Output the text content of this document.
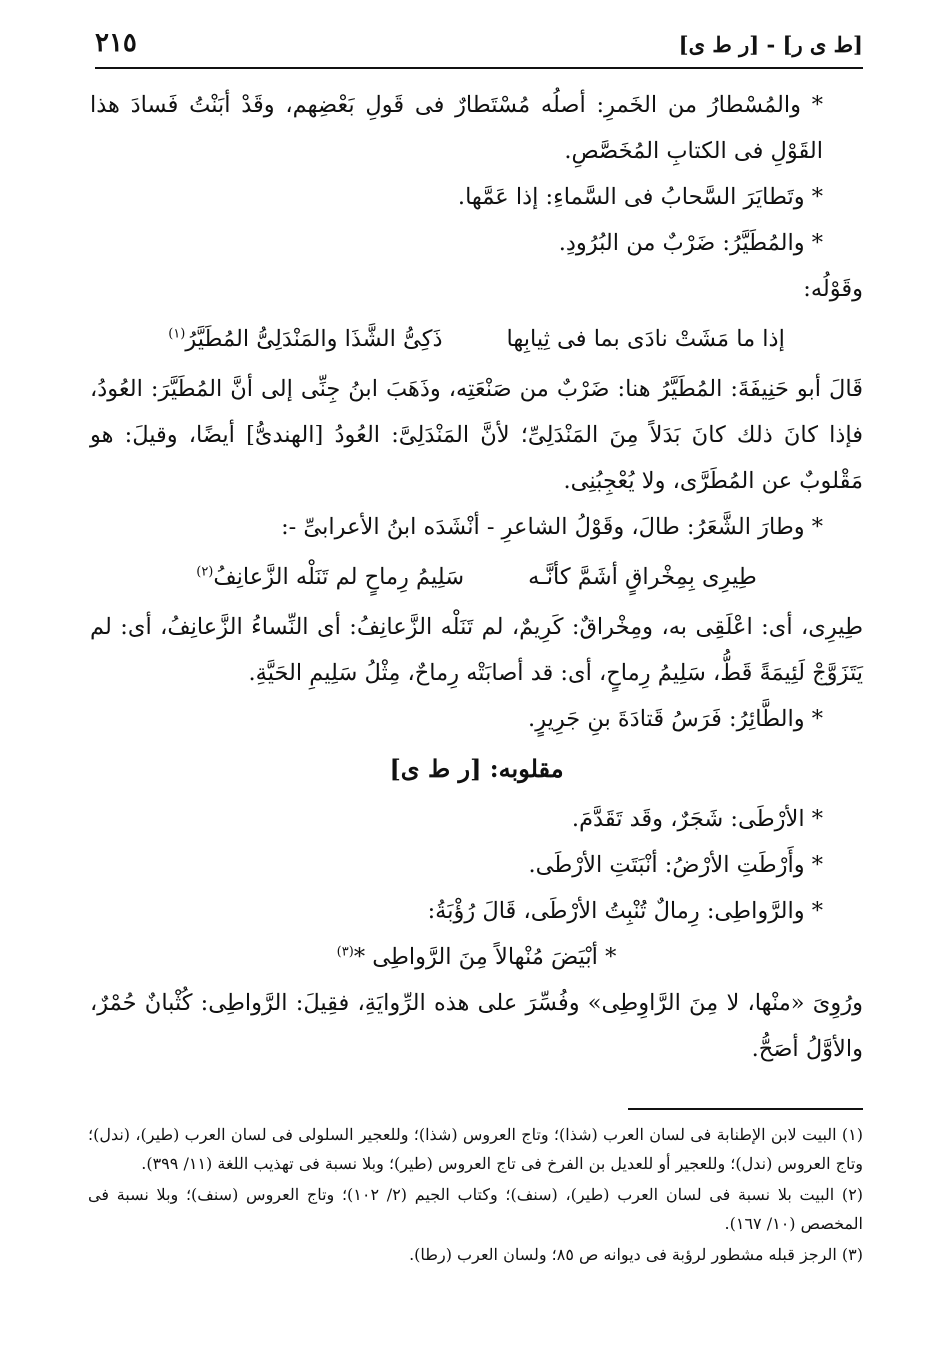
[ط ى ر] - [ر ط ى]
٢١٥

* والمُسْطارُ من الخَمرِ: أصلُه مُسْتَطارٌ فى قَولِ بَعْضِهم، وقَدْ أبَنْتُ فَسادَ هذا القَوْلِ فى الكتابِ المُخَصَّصِ.

* وتَطايَرَ السَّحابُ فى السَّماءِ: إذا عَمَّها.

* والمُطَيَّرُ: ضَرْبٌ من البُرُودِ.

وقَوْلُه:

إذا ما مَشَتْ نادَى بما فى ثِيابِها
ذَكِىُّ الشَّذَا والمَنْدَلِىُّ المُطَيَّرُ$^{(١)}$

قَالَ أبو حَنِيفَةَ: المُطَيَّرُ هنا: ضَرْبٌ من صَنْعَتِه، وذَهَبَ ابنُ جِنِّى إلى أنَّ المُطَيَّرَ: العُودُ، فإذا كانَ ذلك كانَ بَدَلاً مِنَ المَنْدَلِىِّ؛ لأنَّ المَنْدَلِىَّ: العُودُ [الهندىُّ] أيضًا، وقيلَ: هو مَقْلوبٌ عن المُطَرَّى، ولا يُعْجِبُنِى.

* وطارَ الشَّعَرُ: طالَ، وقَوْلُ الشاعرِ - أنْشَدَه ابنُ الأعرابىِّ -:

طِيرِى بِمِخْراقٍ أشَمَّ كأنَّـه
سَلِيمُ رِماحٍ لم تَنَلْه الزَّعانِفُ$^{(٢)}$

طِيرِى، أى: اعْلَقِى به، ومِخْراقٌ: كَرِيمٌ، لم تَنَلْه الزَّعانِفُ: أى النِّساءُ الزَّعانِفُ، أى: لم يَتَزَوَّجْ لَئِيمَةً قَطُّ، سَلِيمُ رِماحٍ، أى: قد أصابَتْه رِماحٌ، مِثْلُ سَلِيمِ الحَيَّةِ.

* والطَّائِرُ: فَرَسُ قَتادَةَ بنِ جَرِيرٍ.

مقلوبه: [ر ط ى]

* الأرْطَى: شَجَرٌ، وقَد تَقَدَّمَ.

* وأَرْطَتِ الأرْضُ: أنْبَتَتِ الأرْطَى.

* والرَّواطِى: رِمالٌ تُنْبِتُ الأرْطَى، قَالَ رُؤْبَةُ:

* أبْيَضَ مُنْهالاً مِنَ الرَّواطِى *$^{(٣)}$

ورُوِىَ «منْها، لا مِنَ الرَّاوِطِى» وفُسِّرَ على هذه الرِّوايَةِ، فقِيلَ: الرَّواطِى: كُثْبانٌ حُمْرٌ، والأوَّلُ أصَحُّ.

(١) البيت لابن الإطنابة فى لسان العرب (شذا)؛ وتاج العروس (شذا)؛ وللعجير السلولى فى لسان العرب (طير)، (ندل)؛ وتاج العروس (ندل)؛ وللعجير أو للعديل بن الفرخ فى تاج العروس (طير)؛ وبلا نسبة فى تهذيب اللغة (١١/ ٣٩٩).

(٢) البيت بلا نسبة فى لسان العرب (طير)، (سنف)؛ وكتاب الجيم (٢/ ١٠٢)؛ وتاج العروس (سنف)؛ وبلا نسبة فى المخصص (١٠/ ١٦٧).

(٣) الرجز قبله مشطور لرؤبة فى ديوانه ص ٨٥؛ ولسان العرب (رطا).
